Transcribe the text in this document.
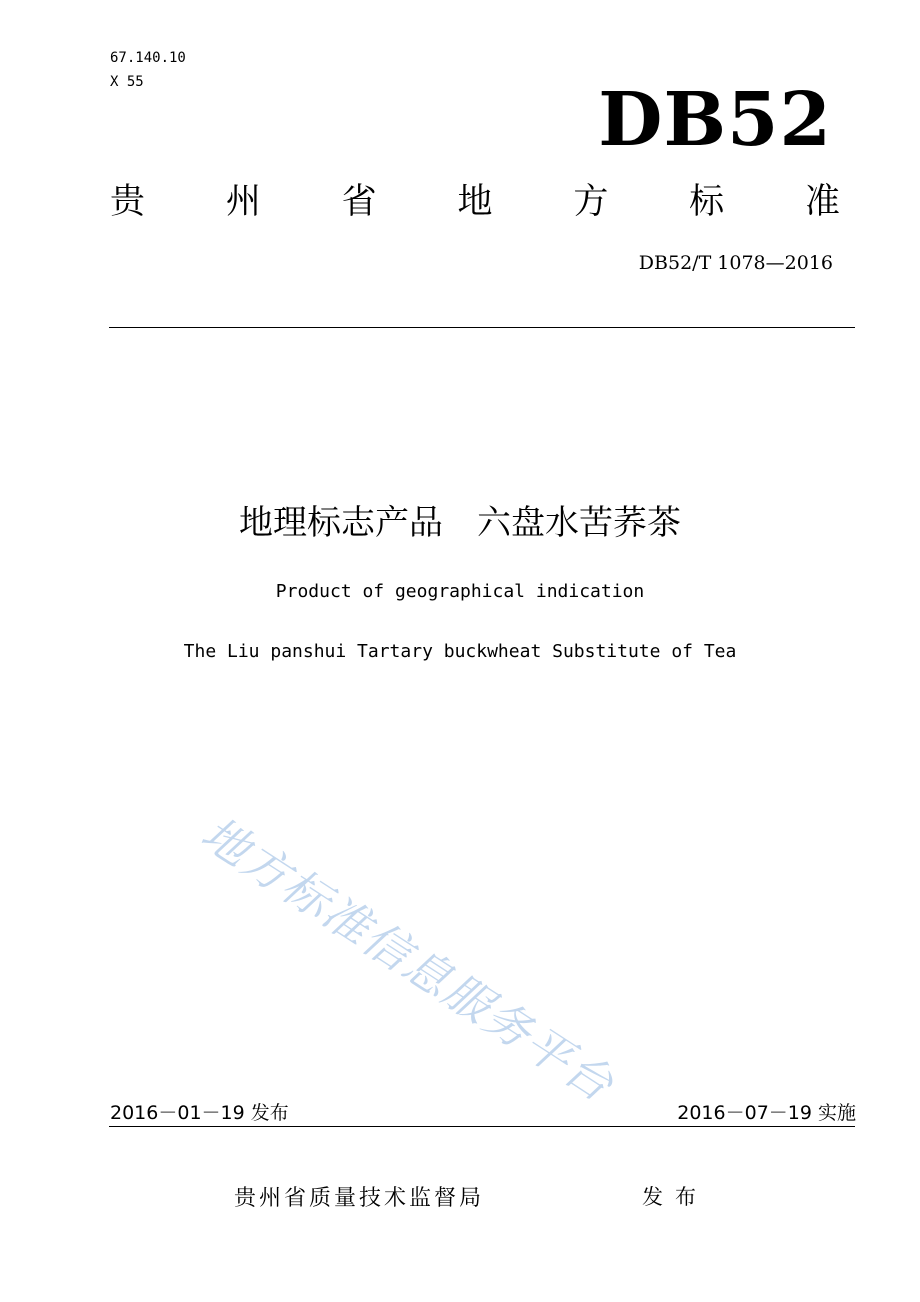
67.140.10
X 55	DB52
贵 州 省 地 方 标 准
DB52/T 1078—2016
地理标志产品　六盘水苦荞茶
Product of geographical indication
The Liu panshui Tartary buckwheat Substitute of Tea
地方标准信息服务平台
2016－01－19 发布	2016－07－19 实施
贵州省质量技术监督局	发布
